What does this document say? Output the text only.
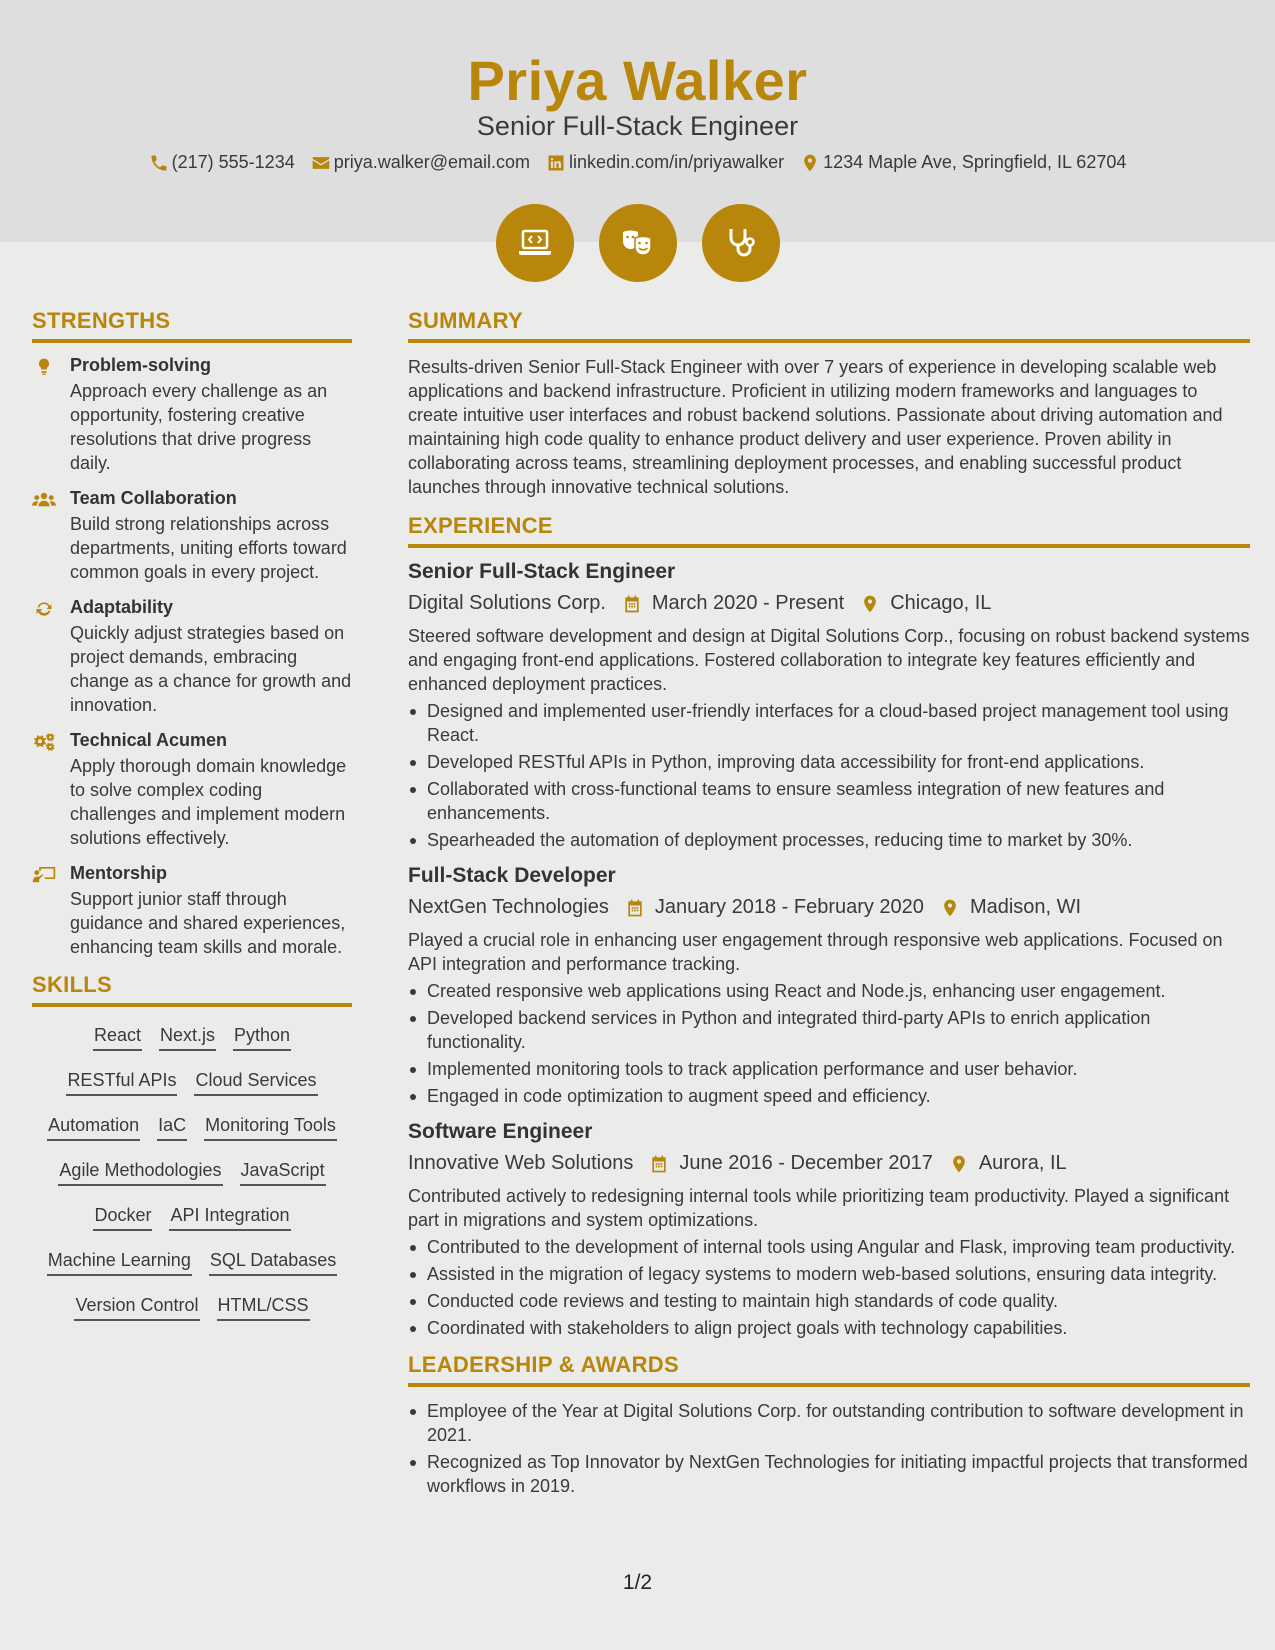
Priya Walker
Senior Full-Stack Engineer
(217) 555-1234 priya.walker@email.com linkedin.com/in/priyawalker 1234 Maple Ave, Springfield, IL 62704
STRENGTHS
Problem-solving
Approach every challenge as an opportunity, fostering creative resolutions that drive progress daily.
Team Collaboration
Build strong relationships across departments, uniting efforts toward common goals in every project.
Adaptability
Quickly adjust strategies based on project demands, embracing change as a chance for growth and innovation.
Technical Acumen
Apply thorough domain knowledge to solve complex coding challenges and implement modern solutions effectively.
Mentorship
Support junior staff through guidance and shared experiences, enhancing team skills and morale.
SKILLS
React Next.js Python
RESTful APIs Cloud Services
Automation IaC Monitoring Tools
Agile Methodologies JavaScript
Docker API Integration
Machine Learning SQL Databases
Version Control HTML/CSS
SUMMARY
Results-driven Senior Full-Stack Engineer with over 7 years of experience in developing scalable web applications and backend infrastructure. Proficient in utilizing modern frameworks and languages to create intuitive user interfaces and robust backend solutions. Passionate about driving automation and maintaining high code quality to enhance product delivery and user experience. Proven ability in collaborating across teams, streamlining deployment processes, and enabling successful product launches through innovative technical solutions.
EXPERIENCE
Senior Full-Stack Engineer
Digital Solutions Corp. March 2020 - Present Chicago, IL
Steered software development and design at Digital Solutions Corp., focusing on robust backend systems and engaging front-end applications. Fostered collaboration to integrate key features efficiently and enhanced deployment practices.
Designed and implemented user-friendly interfaces for a cloud-based project management tool using React.
Developed RESTful APIs in Python, improving data accessibility for front-end applications.
Collaborated with cross-functional teams to ensure seamless integration of new features and enhancements.
Spearheaded the automation of deployment processes, reducing time to market by 30%.
Full-Stack Developer
NextGen Technologies January 2018 - February 2020 Madison, WI
Played a crucial role in enhancing user engagement through responsive web applications. Focused on API integration and performance tracking.
Created responsive web applications using React and Node.js, enhancing user engagement.
Developed backend services in Python and integrated third-party APIs to enrich application functionality.
Implemented monitoring tools to track application performance and user behavior.
Engaged in code optimization to augment speed and efficiency.
Software Engineer
Innovative Web Solutions June 2016 - December 2017 Aurora, IL
Contributed actively to redesigning internal tools while prioritizing team productivity. Played a significant part in migrations and system optimizations.
Contributed to the development of internal tools using Angular and Flask, improving team productivity.
Assisted in the migration of legacy systems to modern web-based solutions, ensuring data integrity.
Conducted code reviews and testing to maintain high standards of code quality.
Coordinated with stakeholders to align project goals with technology capabilities.
LEADERSHIP & AWARDS
Employee of the Year at Digital Solutions Corp. for outstanding contribution to software development in 2021.
Recognized as Top Innovator by NextGen Technologies for initiating impactful projects that transformed workflows in 2019.
1/2
